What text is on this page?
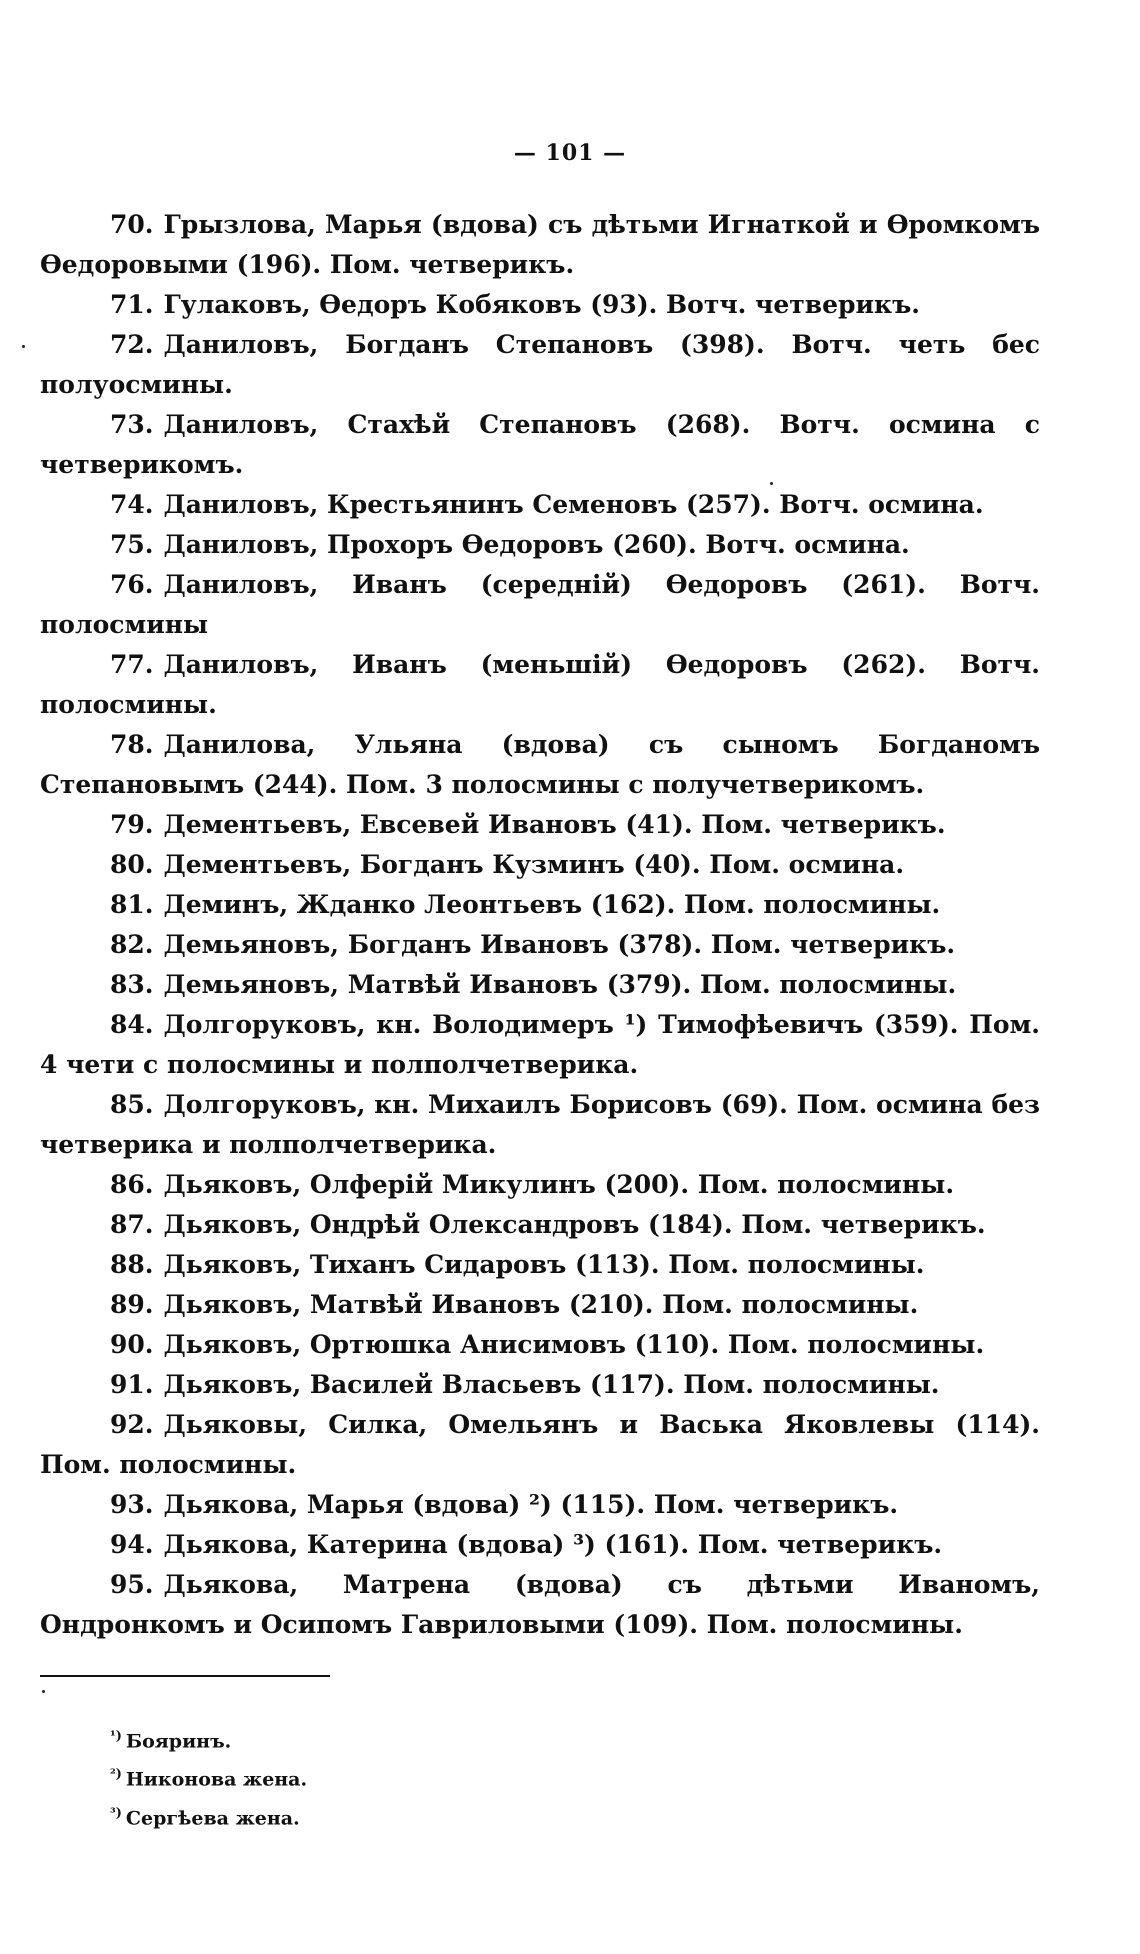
— 101 —

70. Грызлова, Марья (вдова) съ дѣтьми Игнаткой и Ѳромкомъ Ѳедоровыми (196). Пом. четверикъ.

71. Гулаковъ, Ѳедоръ Кобяковъ (93). Вотч. четверикъ.

72. Даниловъ, Богданъ Степановъ (398). Вотч. четь бес полуосмины.

73. Даниловъ, Стахѣй Степановъ (268). Вотч. осмина с четверикомъ.

74. Даниловъ, Крестьянинъ Семеновъ (257). Вотч. осмина.

75. Даниловъ, Прохоръ Ѳедоровъ (260). Вотч. осмина.

76. Даниловъ, Иванъ (середній) Ѳедоровъ (261). Вотч. полосмины

77. Даниловъ, Иванъ (меньшій) Ѳедоровъ (262). Вотч. полосмины.

78. Данилова, Ульяна (вдова) съ сыномъ Богданомъ Степановымъ (244). Пом. 3 полосмины с получетверикомъ.

79. Дементьевъ, Евсевей Ивановъ (41). Пом. четверикъ.

80. Дементьевъ, Богданъ Кузминъ (40). Пом. осмина.

81. Деминъ, Жданко Леонтьевъ (162). Пом. полосмины.

82. Демьяновъ, Богданъ Ивановъ (378). Пом. четверикъ.

83. Демьяновъ, Матвѣй Ивановъ (379). Пом. полосмины.

84. Долгоруковъ, кн. Володимеръ ¹) Тимофѣевичъ (359). Пом. 4 чети с полосмины и полполчетверика.

85. Долгоруковъ, кн. Михаилъ Борисовъ (69). Пом. осмина без четверика и полполчетверика.

86. Дьяковъ, Олферій Микулинъ (200). Пом. полосмины.

87. Дьяковъ, Ондрѣй Олександровъ (184). Пом. четверикъ.

88. Дьяковъ, Тиханъ Сидаровъ (113). Пом. полосмины.

89. Дьяковъ, Матвѣй Ивановъ (210). Пом. полосмины.

90. Дьяковъ, Ортюшка Анисимовъ (110). Пом. полосмины.

91. Дьяковъ, Василей Власьевъ (117). Пом. полосмины.

92. Дьяковы, Силка, Омельянъ и Васька Яковлевы (114). Пом. полосмины.

93. Дьякова, Марья (вдова) ²) (115). Пом. четверикъ.

94. Дьякова, Катерина (вдова) ³) (161). Пом. четверикъ.

95. Дьякова, Матрена (вдова) съ дѣтьми Иваномъ, Ондронкомъ и Осипомъ Гавриловыми (109). Пом. полосмины.

$^{^1)}$ Бояринъ.

$^{^2)}$ Никонова жена.

$^{^3)}$ Сергѣева жена.
